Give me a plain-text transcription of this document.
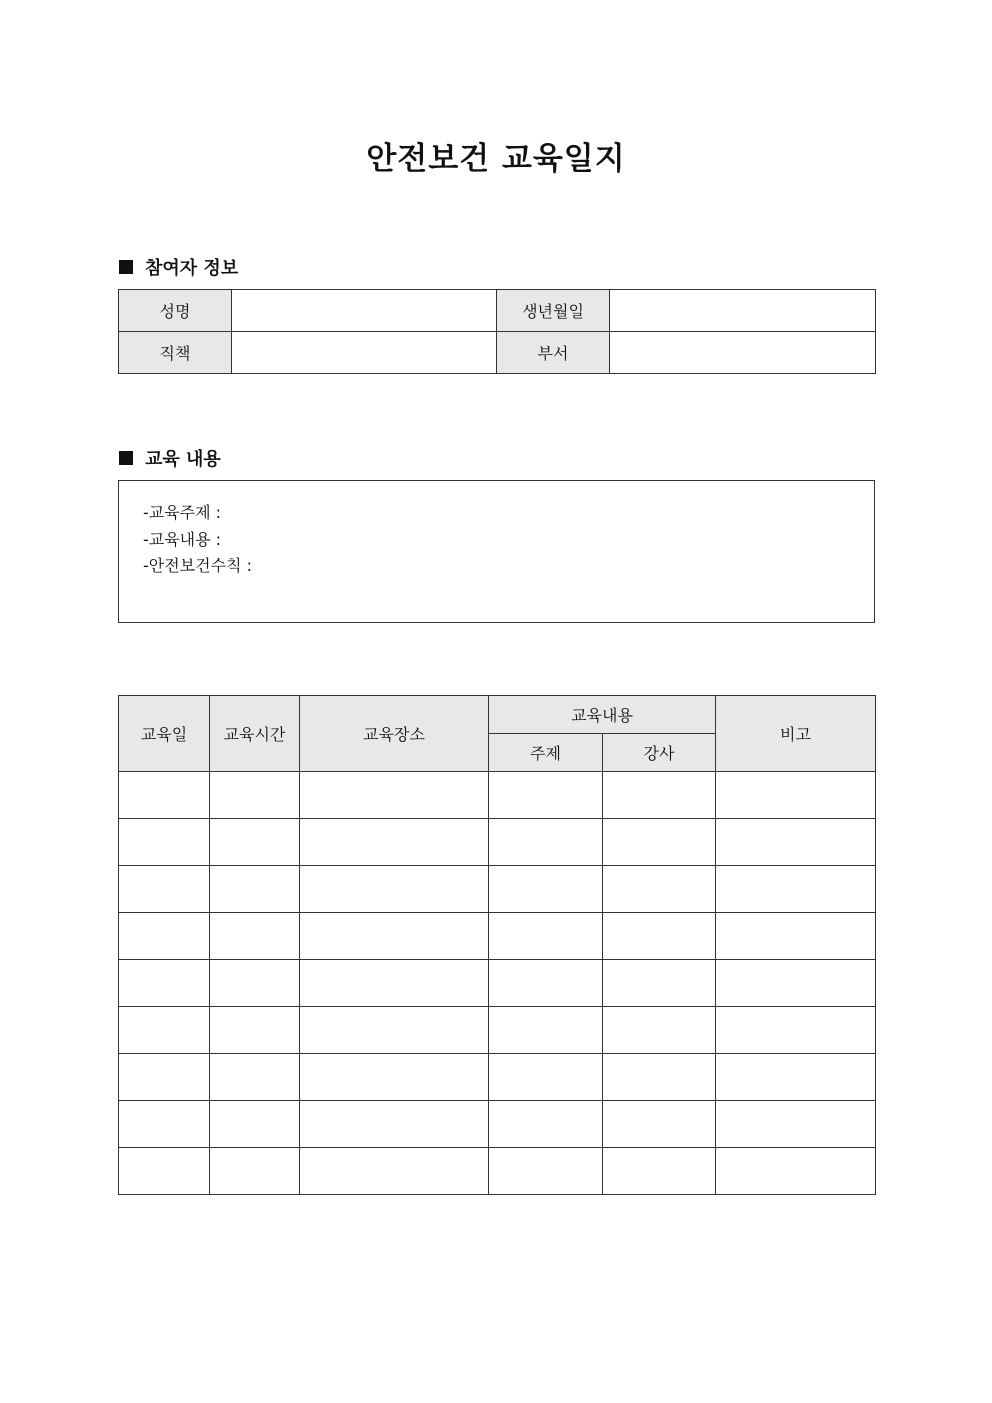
안전보건 교육일지
참여자 정보
성명		생년월일	
직책		부서	
교육 내용
-교육주제 :
-교육내용 :
-안전보건수칙 :
교육일	교육시간	교육장소	교육내용		비고
			주제	강사	
